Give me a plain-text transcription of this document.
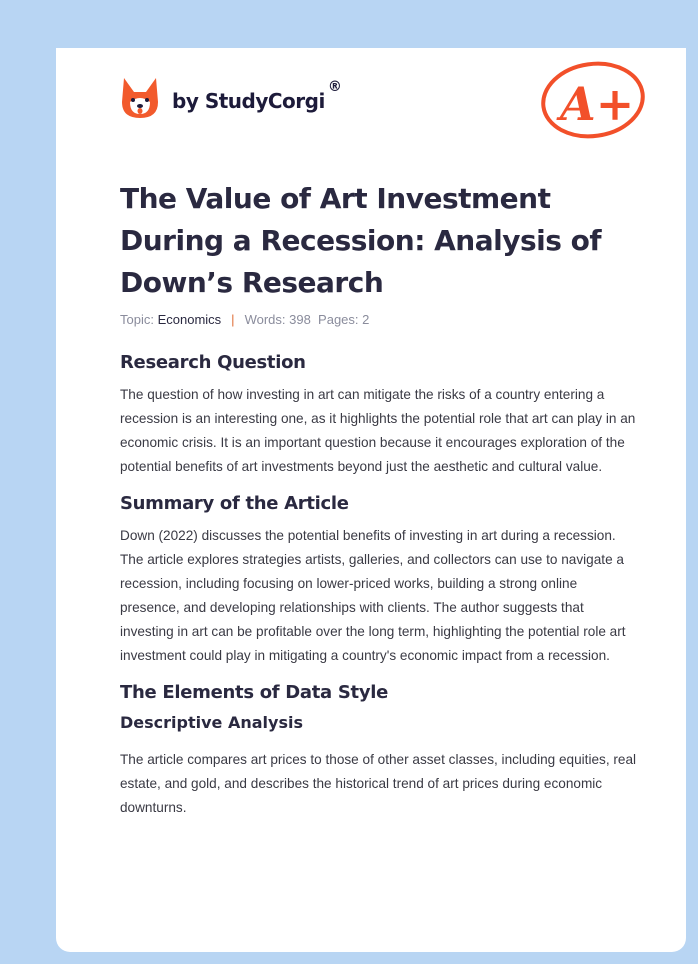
by StudyCorgi®	A+
The Value of Art Investment During a Recession: Analysis of Down’s Research
Topic: Economics | Words: 398 Pages: 2
Research Question

The question of how investing in art can mitigate the risks of a country entering a recession is an interesting one, as it highlights the potential role that art can play in an economic crisis. It is an important question because it encourages exploration of the potential benefits of art investments beyond just the aesthetic and cultural value.

Summary of the Article

Down (2022) discusses the potential benefits of investing in art during a recession. The article explores strategies artists, galleries, and collectors can use to navigate a recession, including focusing on lower-priced works, building a strong online presence, and developing relationships with clients. The author suggests that investing in art can be profitable over the long term, highlighting the potential role art investment could play in mitigating a country's economic impact from a recession.

The Elements of Data Style
Descriptive Analysis

The article compares art prices to those of other asset classes, including equities, real estate, and gold, and describes the historical trend of art prices during economic downturns.
